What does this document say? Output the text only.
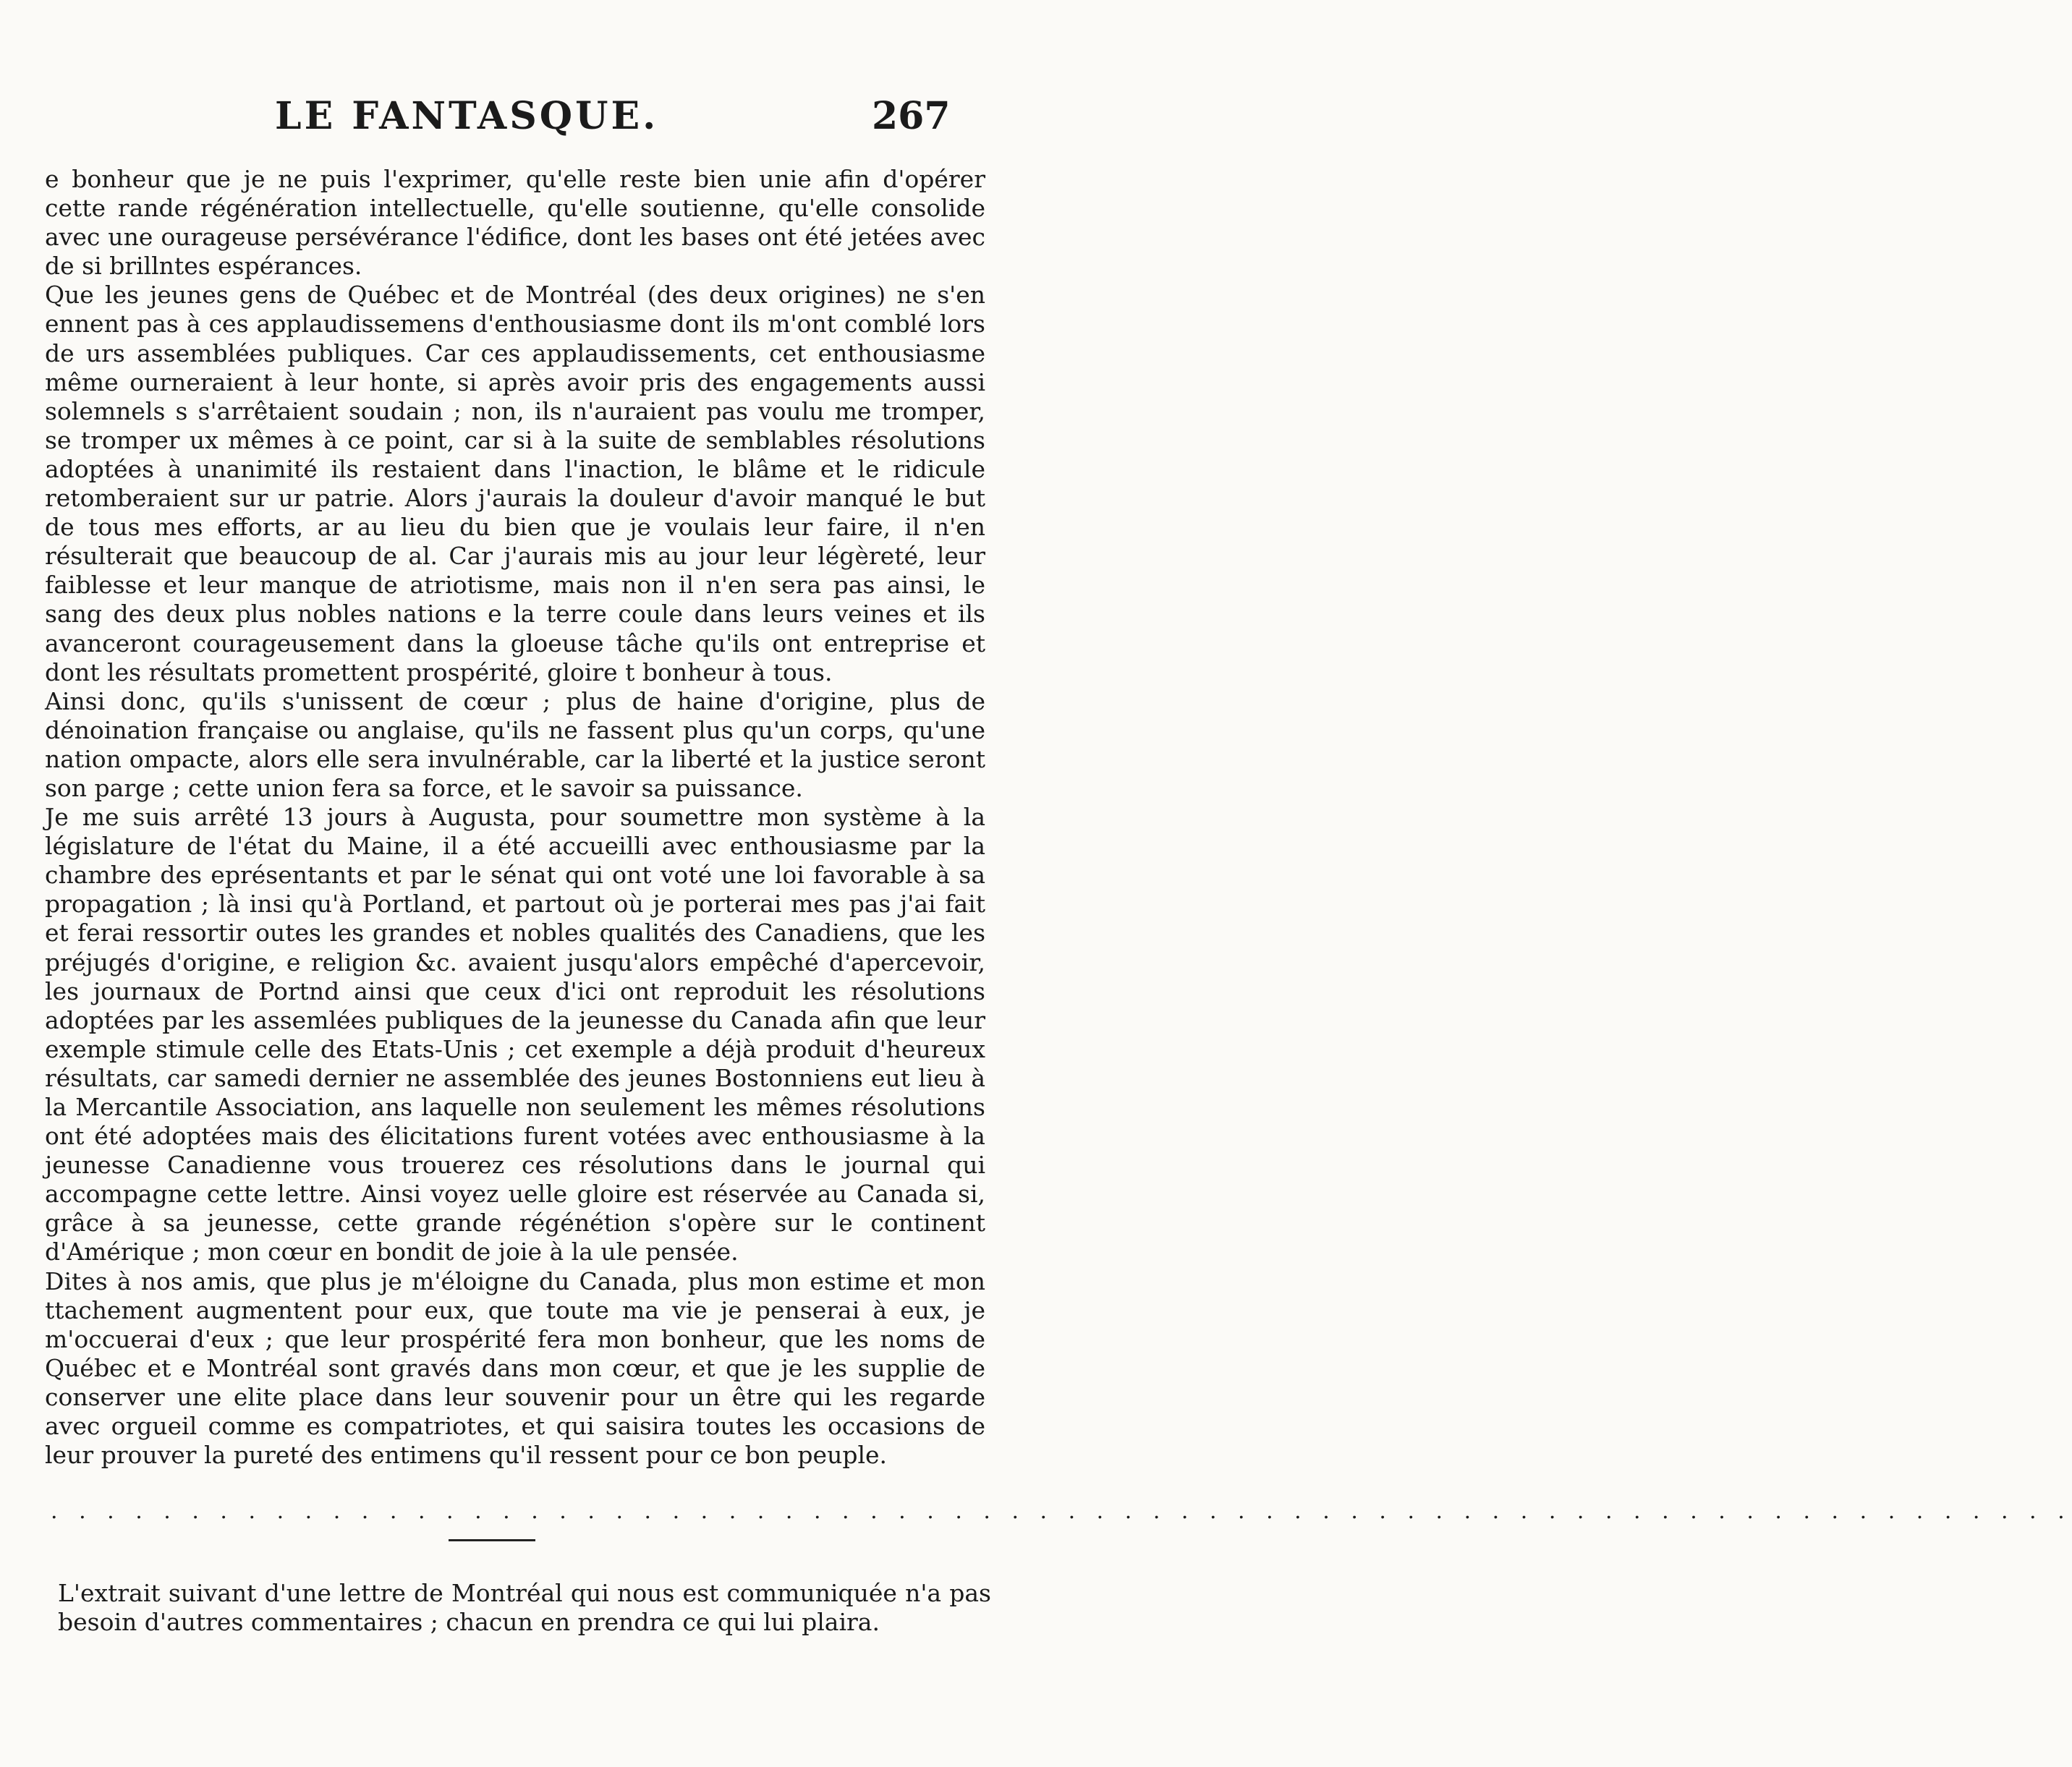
LE FANTASQUE.	267

e bonheur que je ne puis l'exprimer, qu'elle reste bien unie afin d'opérer cette rande régénération intellectuelle, qu'elle soutienne, qu'elle consolide avec une ourageuse persévérance l'édifice, dont les bases ont été jetées avec de si brillntes espérances.

Que les jeunes gens de Québec et de Montréal (des deux origines) ne s'en ennent pas à ces applaudissemens d'enthousiasme dont ils m'ont comblé lors de urs assemblées publiques. Car ces applaudissements, cet enthousiasme même ourneraient à leur honte, si après avoir pris des engagements aussi solemnels s s'arrêtaient soudain ; non, ils n'auraient pas voulu me tromper, se tromper ux mêmes à ce point, car si à la suite de semblables résolutions adoptées à unanimité ils restaient dans l'inaction, le blâme et le ridicule retomberaient sur ur patrie. Alors j'aurais la douleur d'avoir manqué le but de tous mes efforts, ar au lieu du bien que je voulais leur faire, il n'en résulterait que beaucoup de al. Car j'aurais mis au jour leur légèreté, leur faiblesse et leur manque de atriotisme, mais non il n'en sera pas ainsi, le sang des deux plus nobles nations e la terre coule dans leurs veines et ils avanceront courageusement dans la gloeuse tâche qu'ils ont entreprise et dont les résultats promettent prospérité, gloire t bonheur à tous.

Ainsi donc, qu'ils s'unissent de cœur ; plus de haine d'origine, plus de dénoination française ou anglaise, qu'ils ne fassent plus qu'un corps, qu'une nation ompacte, alors elle sera invulnérable, car la liberté et la justice seront son parge ; cette union fera sa force, et le savoir sa puissance.

Je me suis arrêté 13 jours à Augusta, pour soumettre mon système à la législature de l'état du Maine, il a été accueilli avec enthousiasme par la chambre des eprésentants et par le sénat qui ont voté une loi favorable à sa propagation ; là insi qu'à Portland, et partout où je porterai mes pas j'ai fait et ferai ressortir outes les grandes et nobles qualités des Canadiens, que les préjugés d'origine, e religion &c. avaient jusqu'alors empêché d'apercevoir, les journaux de Portnd ainsi que ceux d'ici ont reproduit les résolutions adoptées par les assemlées publiques de la jeunesse du Canada afin que leur exemple stimule celle des Etats-Unis ; cet exemple a déjà produit d'heureux résultats, car samedi dernier ne assemblée des jeunes Bostonniens eut lieu à la Mercantile Association, ans laquelle non seulement les mêmes résolutions ont été adoptées mais des élicitations furent votées avec enthousiasme à la jeunesse Canadienne vous trouerez ces résolutions dans le journal qui accompagne cette lettre. Ainsi voyez uelle gloire est réservée au Canada si, grâce à sa jeunesse, cette grande régénétion s'opère sur le continent d'Amérique ; mon cœur en bondit de joie à la ule pensée.

Dites à nos amis, que plus je m'éloigne du Canada, plus mon estime et mon ttachement augmentent pour eux, que toute ma vie je penserai à eux, je m'occuerai d'eux ; que leur prospérité fera mon bonheur, que les noms de Québec et e Montréal sont gravés dans mon cœur, et que je les supplie de conserver une elite place dans leur souvenir pour un être qui les regarde avec orgueil comme es compatriotes, et qui saisira toutes les occasions de leur prouver la pureté des entimens qu'il ressent pour ce bon peuple.

. . . . . . . . . . . . . . . . . . . . . . . . . . . . . . . . . . . . . . . . . . . . . . . . . . . . . . . . . . . . . . . . . . . . . . . .

L'extrait suivant d'une lettre de Montréal qui nous est communiquée n'a pas besoin d'autres commentaires ; chacun en prendra ce qui lui plaira.
